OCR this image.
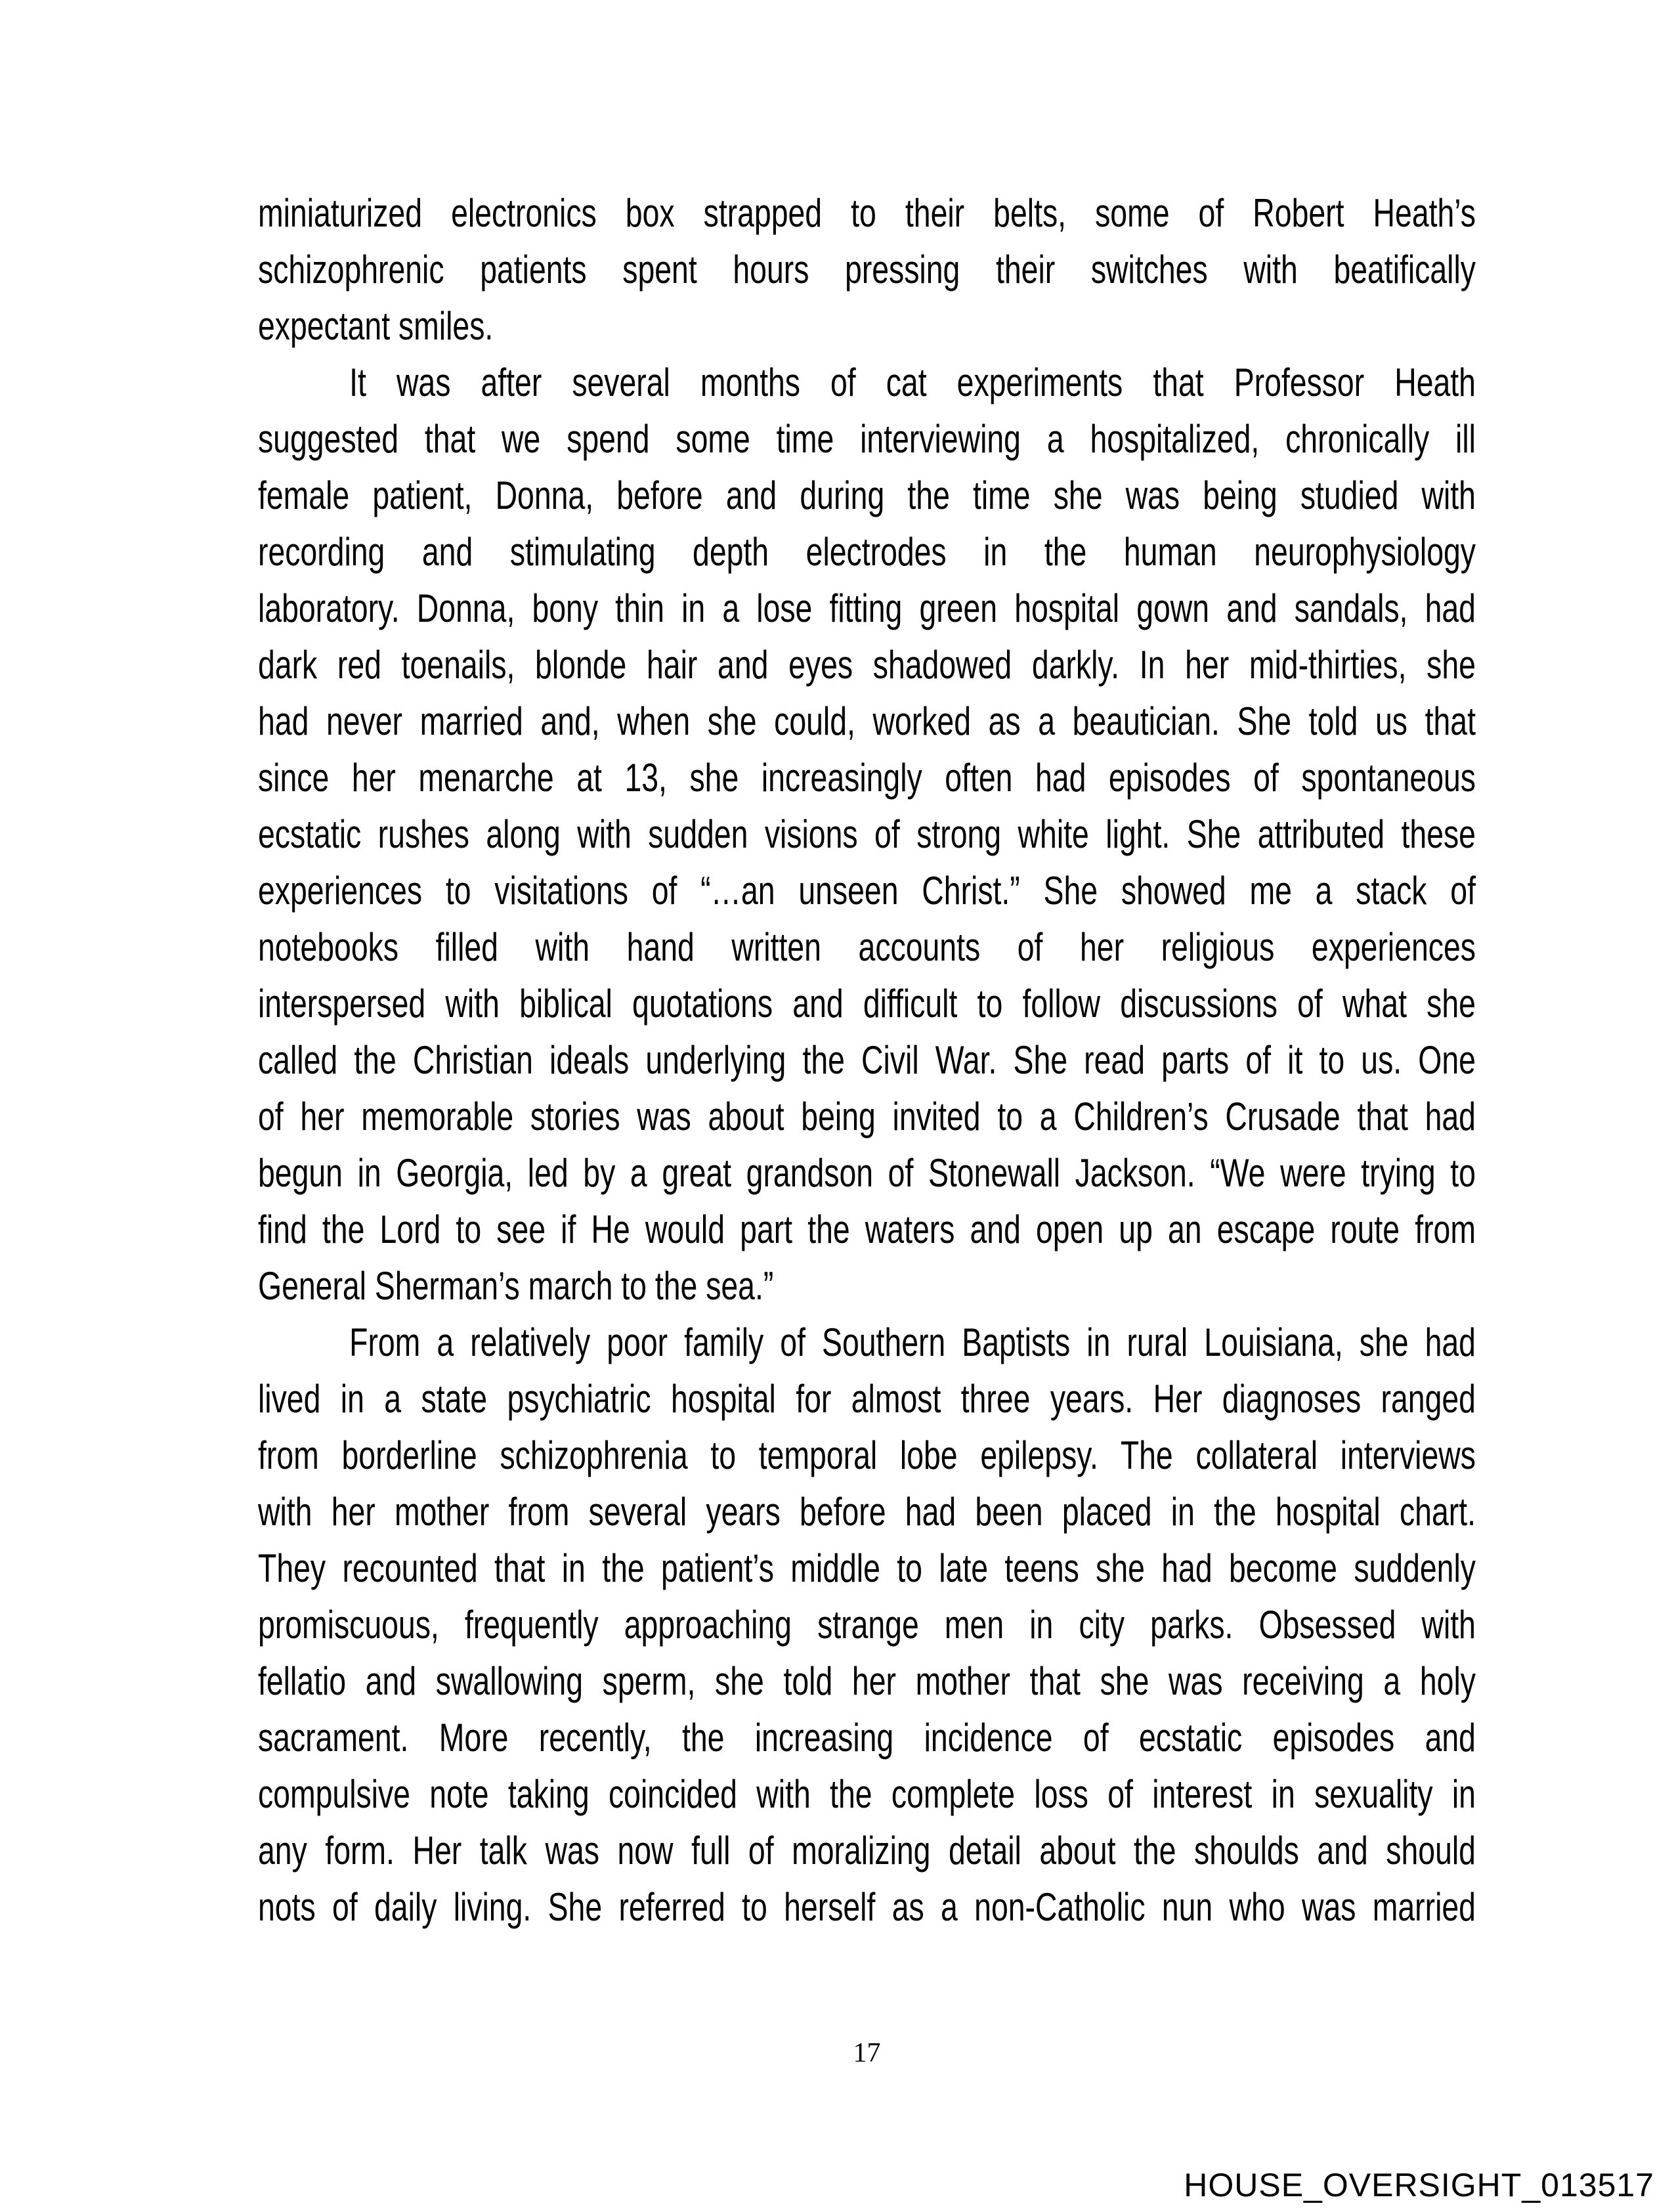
miniaturized electronics box strapped to their belts, some of Robert Heath’s
schizophrenic patients spent hours pressing their switches with beatifically
expectant smiles.
It was after several months of cat experiments that Professor Heath
suggested that we spend some time interviewing a hospitalized, chronically ill
female patient, Donna, before and during the time she was being studied with
recording and stimulating depth electrodes in the human neurophysiology
laboratory. Donna, bony thin in a lose fitting green hospital gown and sandals, had
dark red toenails, blonde hair and eyes shadowed darkly. In her mid-thirties, she
had never married and, when she could, worked as a beautician. She told us that
since her menarche at 13, she increasingly often had episodes of spontaneous
ecstatic rushes along with sudden visions of strong white light. She attributed these
experiences to visitations of “…an unseen Christ.” She showed me a stack of
notebooks filled with hand written accounts of her religious experiences
interspersed with biblical quotations and difficult to follow discussions of what she
called the Christian ideals underlying the Civil War. She read parts of it to us. One
of her memorable stories was about being invited to a Children’s Crusade that had
begun in Georgia, led by a great grandson of Stonewall Jackson. “We were trying to
find the Lord to see if He would part the waters and open up an escape route from
General Sherman’s march to the sea.”
From a relatively poor family of Southern Baptists in rural Louisiana, she had
lived in a state psychiatric hospital for almost three years. Her diagnoses ranged
from borderline schizophrenia to temporal lobe epilepsy. The collateral interviews
with her mother from several years before had been placed in the hospital chart.
They recounted that in the patient’s middle to late teens she had become suddenly
promiscuous, frequently approaching strange men in city parks. Obsessed with
fellatio and swallowing sperm, she told her mother that she was receiving a holy
sacrament. More recently, the increasing incidence of ecstatic episodes and
compulsive note taking coincided with the complete loss of interest in sexuality in
any form. Her talk was now full of moralizing detail about the shoulds and should
nots of daily living. She referred to herself as a non-Catholic nun who was married
17
HOUSE_OVERSIGHT_013517
